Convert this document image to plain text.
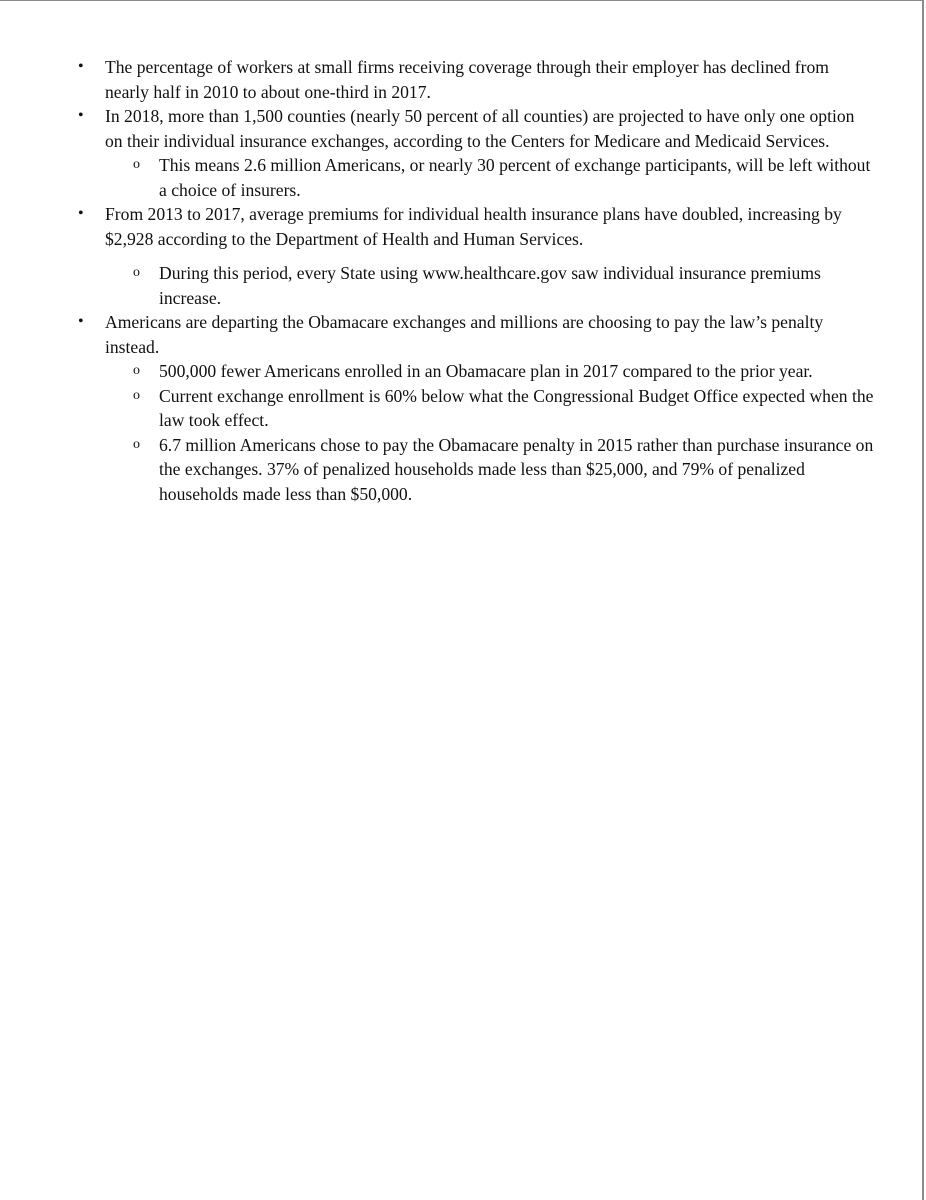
• The percentage of workers at small firms receiving coverage through their employer has declined from nearly half in 2010 to about one-third in 2017.
• In 2018, more than 1,500 counties (nearly 50 percent of all counties) are projected to have only one option on their individual insurance exchanges, according to the Centers for Medicare and Medicaid Services.
o This means 2.6 million Americans, or nearly 30 percent of exchange participants, will be left without a choice of insurers.
• From 2013 to 2017, average premiums for individual health insurance plans have doubled, increasing by $2,928 according to the Department of Health and Human Services.
o During this period, every State using www.healthcare.gov saw individual insurance premiums increase.
• Americans are departing the Obamacare exchanges and millions are choosing to pay the law’s penalty instead.
o 500,000 fewer Americans enrolled in an Obamacare plan in 2017 compared to the prior year.
o Current exchange enrollment is 60% below what the Congressional Budget Office expected when the law took effect.
o 6.7 million Americans chose to pay the Obamacare penalty in 2015 rather than purchase insurance on the exchanges. 37% of penalized households made less than $25,000, and 79% of penalized households made less than $50,000.
